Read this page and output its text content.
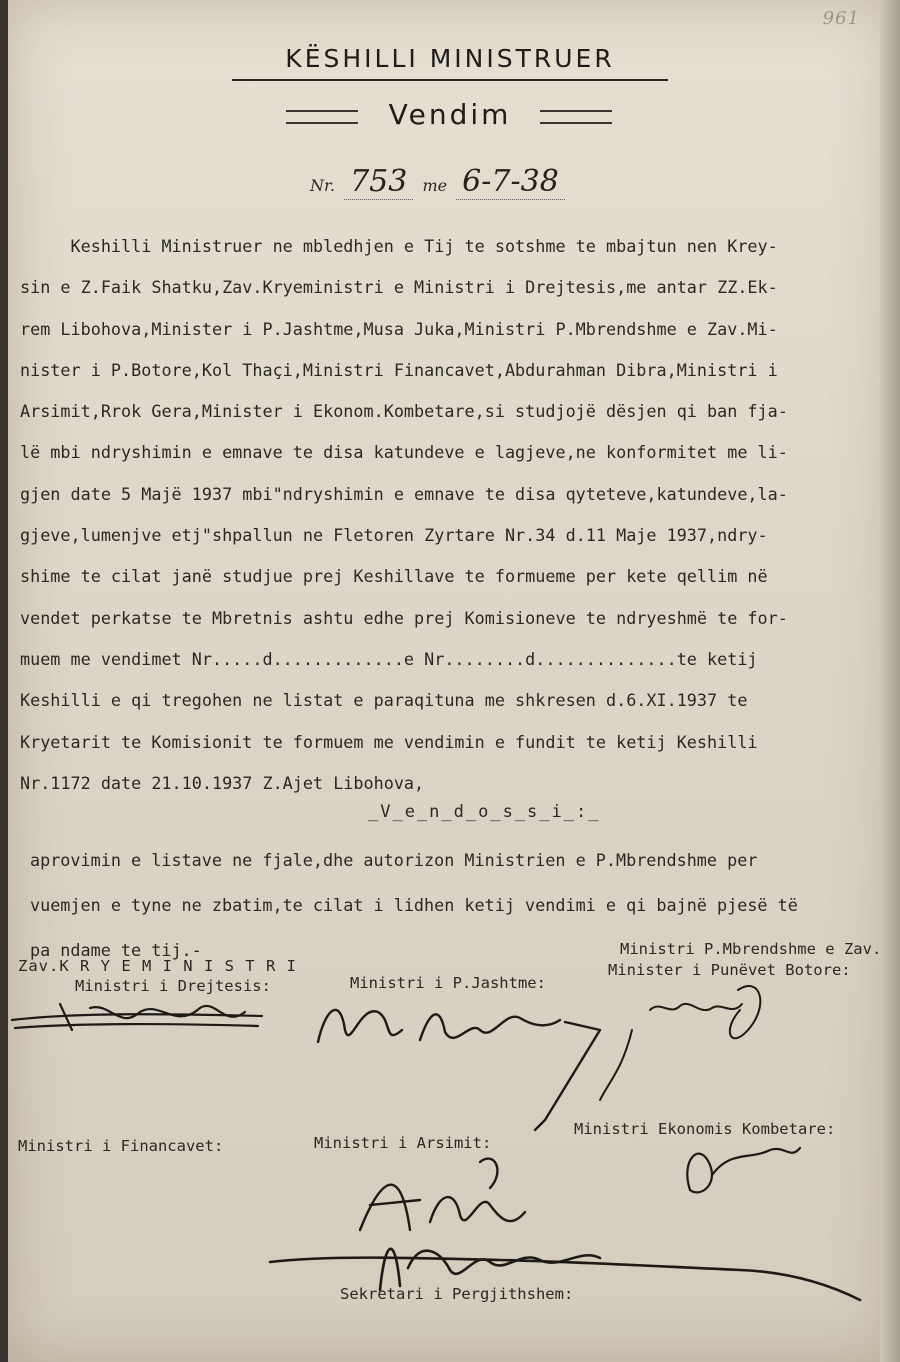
961
KËSHILLI MINISTRUER
Vendim
Nr. 753 me 6-7-38
Keshilli Ministruer ne mbledhjen e Tij te sotshme te mbajtun nen Krey-
sin e Z.Faik Shatku,Zav.Kryeministri e Ministri i Drejtesis,me antar ZZ.Ek-
rem Libohova,Minister i P.Jashtme,Musa Juka,Ministri P.Mbrendshme e Zav.Mi-
nister i P.Botore,Kol Thaçi,Ministri Financavet,Abdurahman Dibra,Ministri i
Arsimit,Rrok Gera,Minister i Ekonom.Kombetare,si studjojë dësjen qi ban fja-
lë mbi ndryshimin e emnave te disa katundeve e lagjeve,ne konformitet me li-
gjen date 5 Majë 1937 mbi"ndryshimin e emnave te disa qyteteve,katundeve,la-
gjeve,lumenjve etj"shpallun ne Fletoren Zyrtare Nr.34 d.11 Maje 1937,ndry-
shime te cilat janë studjue prej Keshillave te formueme per kete qellim në
vendet perkatse te Mbretnis ashtu edhe prej Komisioneve te ndryeshmë te for-
muem me vendimet Nr.....d.............e Nr........d..............te ketij
Keshilli e qi tregohen ne listat e paraqituna me shkresen d.6.XI.1937 te
Kryetarit te Komisionit te formuem me vendimin e fundit te ketij Keshilli
Nr.1172 date 21.10.1937 Z.Ajet Libohova,
_V_e_n_d_o_s_s_i_:_
aprovimin e listave ne fjale,dhe autorizon Ministrien e P.Mbrendshme per
vuemjen e tyne ne zbatim,te cilat i lidhen ketij vendimi e qi bajnë pjesë të
pa ndame te tij.-
Zav.K R Y E M I N I S T R I
Ministri i Drejtesis:	Ministri i P.Jashtme:
Ministri P.Mbrendshme e Zav.
Minister i Punëvet Botore:
Ministri i Financavet:	Ministri i Arsimit:
Ministri Ekonomis Kombetare:
Sekretari i Pergjithshem:
